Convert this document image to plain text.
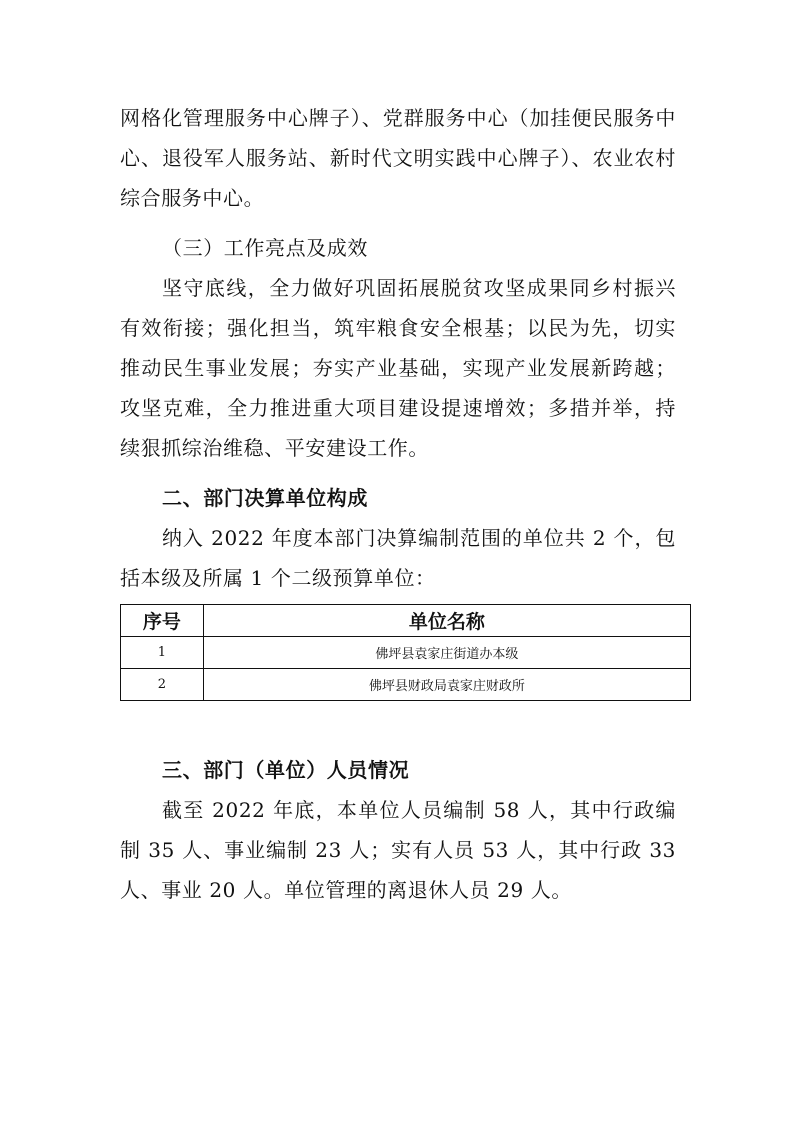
网格化管理服务中心牌子）、党群服务中心（加挂便民服务中心、退役军人服务站、新时代文明实践中心牌子）、农业农村综合服务中心。

（三）工作亮点及成效

坚守底线，全力做好巩固拓展脱贫攻坚成果同乡村振兴有效衔接；强化担当，筑牢粮食安全根基；以民为先，切实推动民生事业发展；夯实产业基础，实现产业发展新跨越；攻坚克难，全力推进重大项目建设提速增效；多措并举，持续狠抓综治维稳、平安建设工作。

二、部门决算单位构成

纳入 2022 年度本部门决算编制范围的单位共 2 个，包括本级及所属 1 个二级预算单位：

序号	单位名称
1	佛坪县袁家庄街道办本级
2	佛坪县财政局袁家庄财政所

三、部门（单位）人员情况

截至 2022 年底，本单位人员编制 58 人，其中行政编制 35 人、事业编制 23 人；实有人员 53 人，其中行政 33 人、事业 20 人。单位管理的离退休人员 29 人。
